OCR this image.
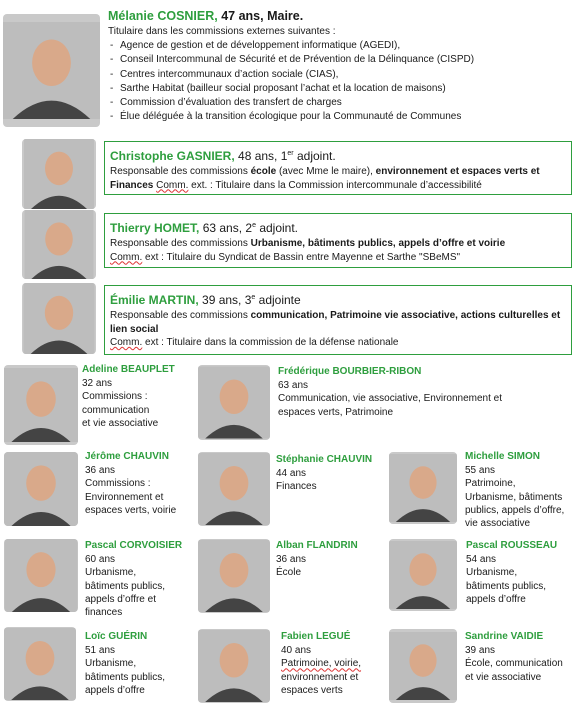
Mélanie COSNIER, 47 ans, Maire.
Titulaire dans les commissions externes suivantes :
- Agence de gestion et de développement informatique (AGEDI),
- Conseil Intercommunal de Sécurité et de Prévention de la Délinquance (CISPD)
- Centres intercommunaux d’action sociale (CIAS),
- Sarthe Habitat (bailleur social proposant l’achat et la location de maisons)
- Commission d’évaluation des transfert de charges
- Élue déléguée à la transition écologique pour la Communauté de Communes
Christophe GASNIER, 48 ans, 1er adjoint.
Responsable des commissions école (avec Mme le maire), environnement et espaces verts et Finances Comm. ext. : Titulaire dans la Commission intercommunale d’accessibilité
Thierry HOMET, 63 ans, 2e adjoint.
Responsable des commissions Urbanisme, bâtiments publics, appels d’offre et voirie
Comm. ext : Titulaire du Syndicat de Bassin entre Mayenne et Sarthe "SBeMS"
Émilie MARTIN, 39 ans, 3e adjointe
Responsable des commissions communication, Patrimoine vie associative, actions culturelles et lien social
Comm. ext : Titulaire dans la commission de la défense nationale
Adeline BEAUPLET
32 ans
Commissions :
communication
et vie associative
Frédérique BOURBIER-RIBON
63 ans
Communication, vie associative, Environnement et
espaces verts, Patrimoine
Jérôme CHAUVIN
36 ans
Commissions :
Environnement et
espaces verts, voirie
Stéphanie CHAUVIN
44 ans
Finances
Michelle SIMON
55 ans
Patrimoine,
Urbanisme, bâtiments
publics, appels d’offre,
vie associative
Pascal CORVOISIER
60 ans
Urbanisme,
bâtiments publics,
appels d’offre et
finances
Alban FLANDRIN
36 ans
École
Pascal ROUSSEAU
54 ans
Urbanisme,
bâtiments publics,
appels d’offre
Loïc GUÉRIN
51 ans
Urbanisme,
bâtiments publics,
appels d’offre
Fabien LEGUÉ
40 ans
Patrimoine, voirie,
environnement et
espaces verts
Sandrine VAIDIE
39 ans
École, communication
et vie associative
